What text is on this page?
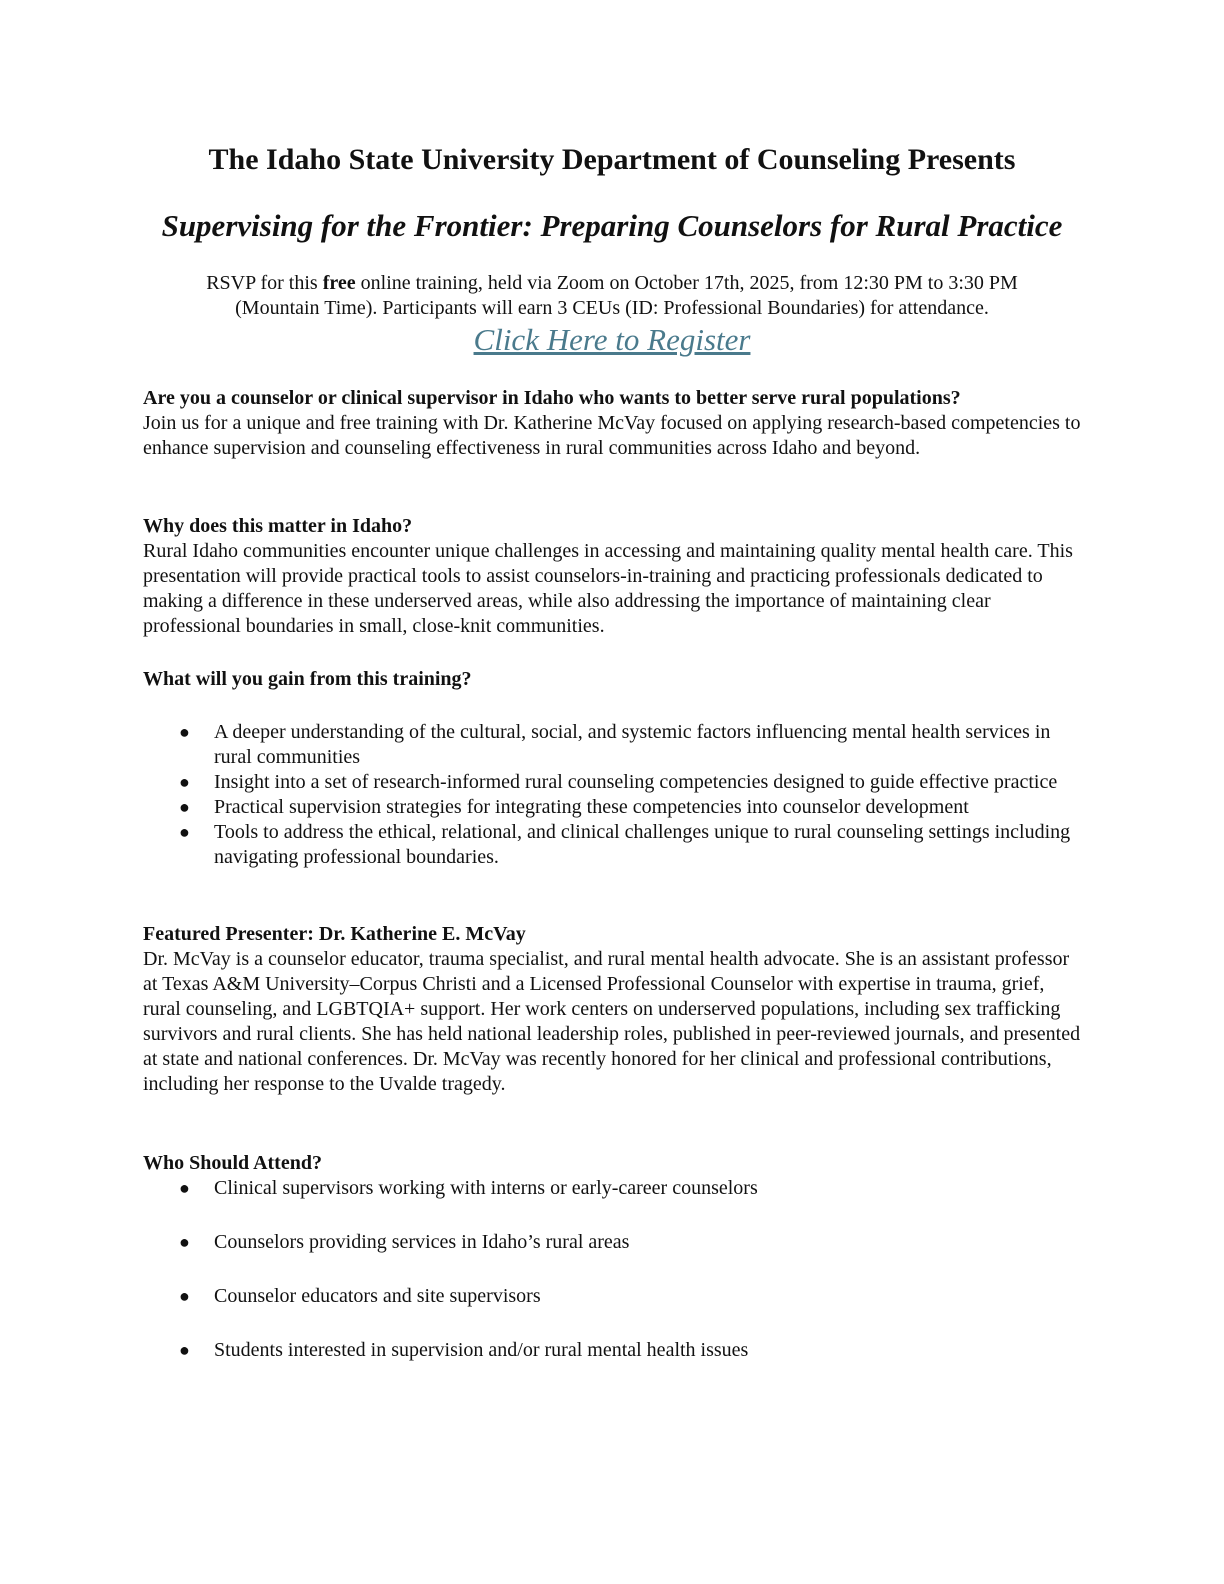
The Idaho State University Department of Counseling Presents
Supervising for the Frontier: Preparing Counselors for Rural Practice
RSVP for this free online training, held via Zoom on October 17th, 2025, from 12:30 PM to 3:30 PM
(Mountain Time). Participants will earn 3 CEUs (ID: Professional Boundaries) for attendance.
Click Here to Register
Are you a counselor or clinical supervisor in Idaho who wants to better serve rural populations?
Join us for a unique and free training with Dr. Katherine McVay focused on applying research-based competencies to enhance supervision and counseling effectiveness in rural communities across Idaho and beyond.
Why does this matter in Idaho?
Rural Idaho communities encounter unique challenges in accessing and maintaining quality mental health care. This presentation will provide practical tools to assist counselors-in-training and practicing professionals dedicated to making a difference in these underserved areas, while also addressing the importance of maintaining clear professional boundaries in small, close-knit communities.
What will you gain from this training?
● A deeper understanding of the cultural, social, and systemic factors influencing mental health services in rural communities
● Insight into a set of research-informed rural counseling competencies designed to guide effective practice
● Practical supervision strategies for integrating these competencies into counselor development
● Tools to address the ethical, relational, and clinical challenges unique to rural counseling settings including navigating professional boundaries.
Featured Presenter: Dr. Katherine E. McVay
Dr. McVay is a counselor educator, trauma specialist, and rural mental health advocate. She is an assistant professor at Texas A&M University–Corpus Christi and a Licensed Professional Counselor with expertise in trauma, grief, rural counseling, and LGBTQIA+ support. Her work centers on underserved populations, including sex trafficking survivors and rural clients. She has held national leadership roles, published in peer-reviewed journals, and presented at state and national conferences. Dr. McVay was recently honored for her clinical and professional contributions, including her response to the Uvalde tragedy.
Who Should Attend?
● Clinical supervisors working with interns or early-career counselors
● Counselors providing services in Idaho’s rural areas
● Counselor educators and site supervisors
● Students interested in supervision and/or rural mental health issues
